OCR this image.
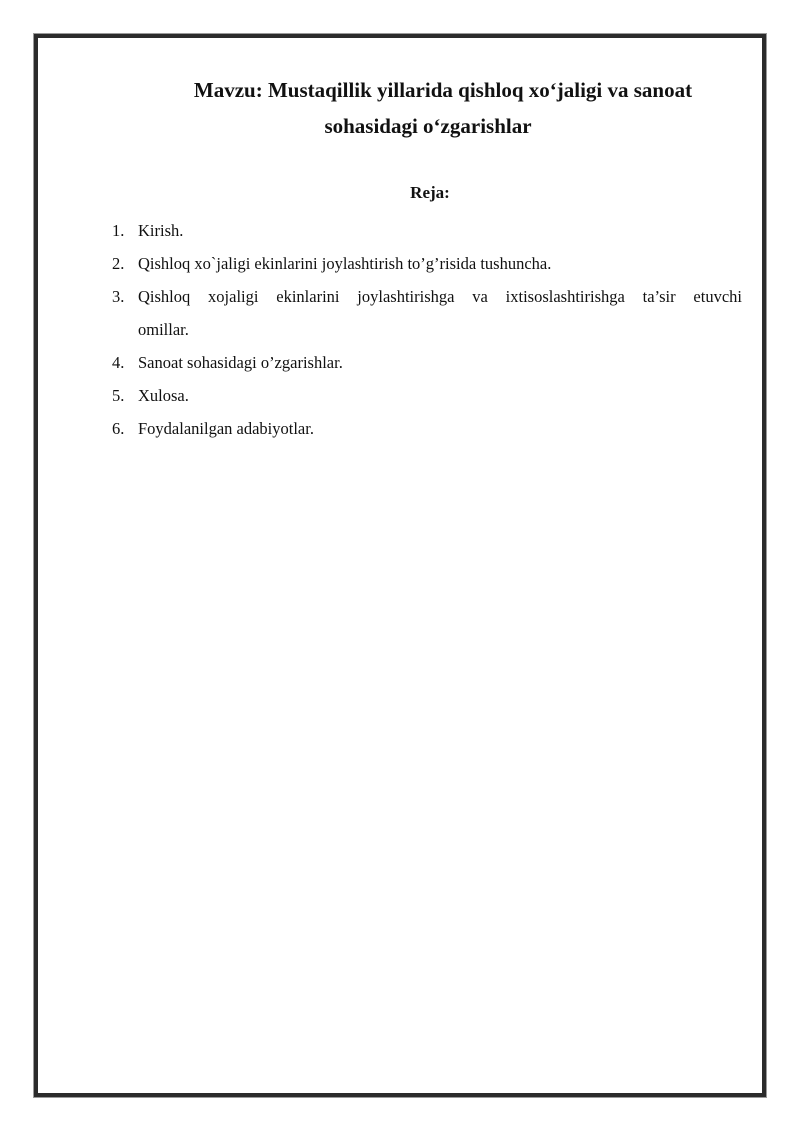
Mavzu: Mustaqillik yillarida qishloq xo‘jaligi va sanoat
sohasidagi o‘zgarishlar
Reja:
1. Kirish.
2. Qishloq xo`jaligi ekinlarini joylashtirish to’g’risida tushuncha.
3. Qishloq xojaligi ekinlarini joylashtirishga va ixtisoslashtirishga ta’sir etuvchi
omillar.
4. Sanoat sohasidagi o’zgarishlar.
5. Xulosa.
6. Foydalanilgan adabiyotlar.
